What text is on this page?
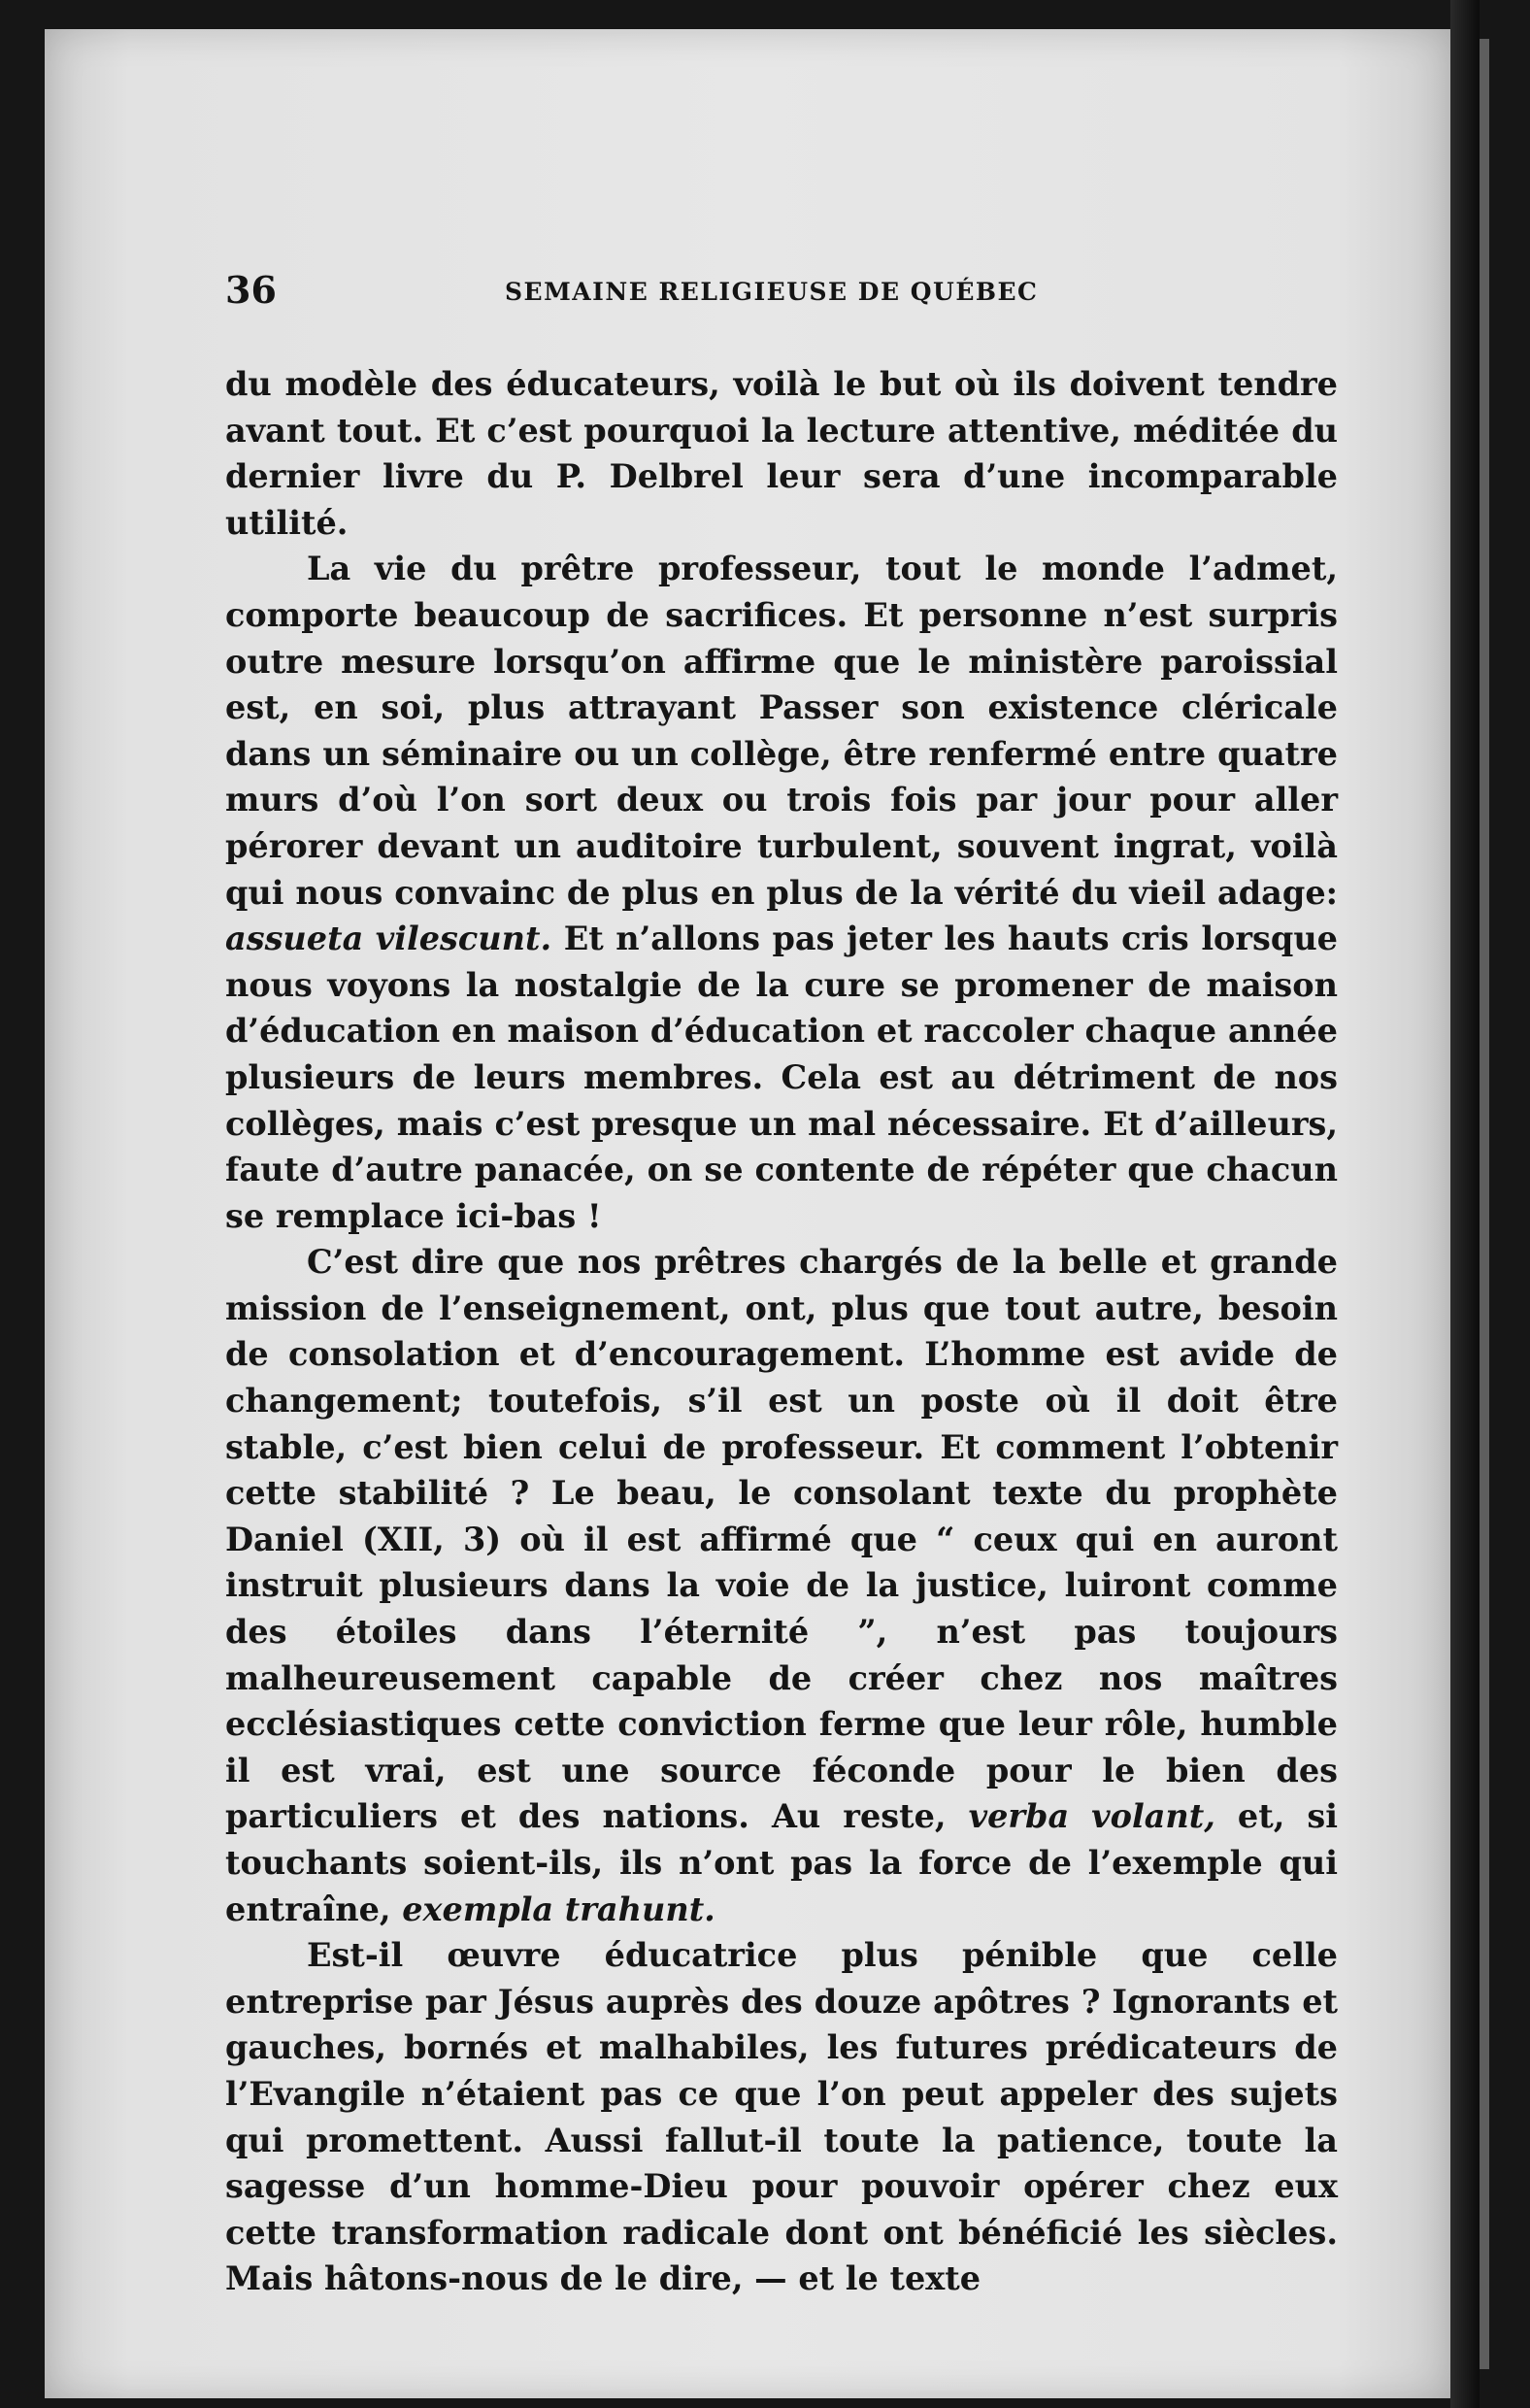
36	SEMAINE RELIGIEUSE DE QUÉBEC

du modèle des éducateurs, voilà le but où ils doivent tendre avant tout. Et c’est pourquoi la lecture attentive, méditée du dernier livre du P. Delbrel leur sera d’une incomparable utilité.

La vie du prêtre professeur, tout le monde l’admet, comporte beaucoup de sacrifices. Et personne n’est surpris outre mesure lorsqu’on affirme que le ministère paroissial est, en soi, plus attrayant Passer son existence cléricale dans un séminaire ou un collège, être renfermé entre quatre murs d’où l’on sort deux ou trois fois par jour pour aller pérorer devant un auditoire turbulent, souvent ingrat, voilà qui nous convainc de plus en plus de la vérité du vieil adage: assueta vilescunt. Et n’allons pas jeter les hauts cris lorsque nous voyons la nostalgie de la cure se promener de maison d’éducation en maison d’éducation et raccoler chaque année plusieurs de leurs membres. Cela est au détriment de nos collèges, mais c’est presque un mal nécessaire. Et d’ailleurs, faute d’autre panacée, on se contente de répéter que chacun se remplace ici-bas !

C’est dire que nos prêtres chargés de la belle et grande mission de l’enseignement, ont, plus que tout autre, besoin de consolation et d’encouragement. L’homme est avide de changement; toutefois, s’il est un poste où il doit être stable, c’est bien celui de professeur. Et comment l’obtenir cette stabilité ? Le beau, le consolant texte du prophète Daniel (XII, 3) où il est affirmé que “ ceux qui en auront instruit plusieurs dans la voie de la justice, luiront comme des étoiles dans l’éternité ”, n’est pas toujours malheureusement capable de créer chez nos maîtres ecclésiastiques cette conviction ferme que leur rôle, humble il est vrai, est une source féconde pour le bien des particuliers et des nations. Au reste, verba volant, et, si touchants soient-ils, ils n’ont pas la force de l’exemple qui entraîne, exempla trahunt.

Est-il œuvre éducatrice plus pénible que celle entreprise par Jésus auprès des douze apôtres ? Ignorants et gauches, bornés et malhabiles, les futures prédicateurs de l’Evangile n’étaient pas ce que l’on peut appeler des sujets qui promettent. Aussi fallut-il toute la patience, toute la sagesse d’un homme-Dieu pour pouvoir opérer chez eux cette transformation radicale dont ont bénéficié les siècles. Mais hâtons-nous de le dire, — et le texte
